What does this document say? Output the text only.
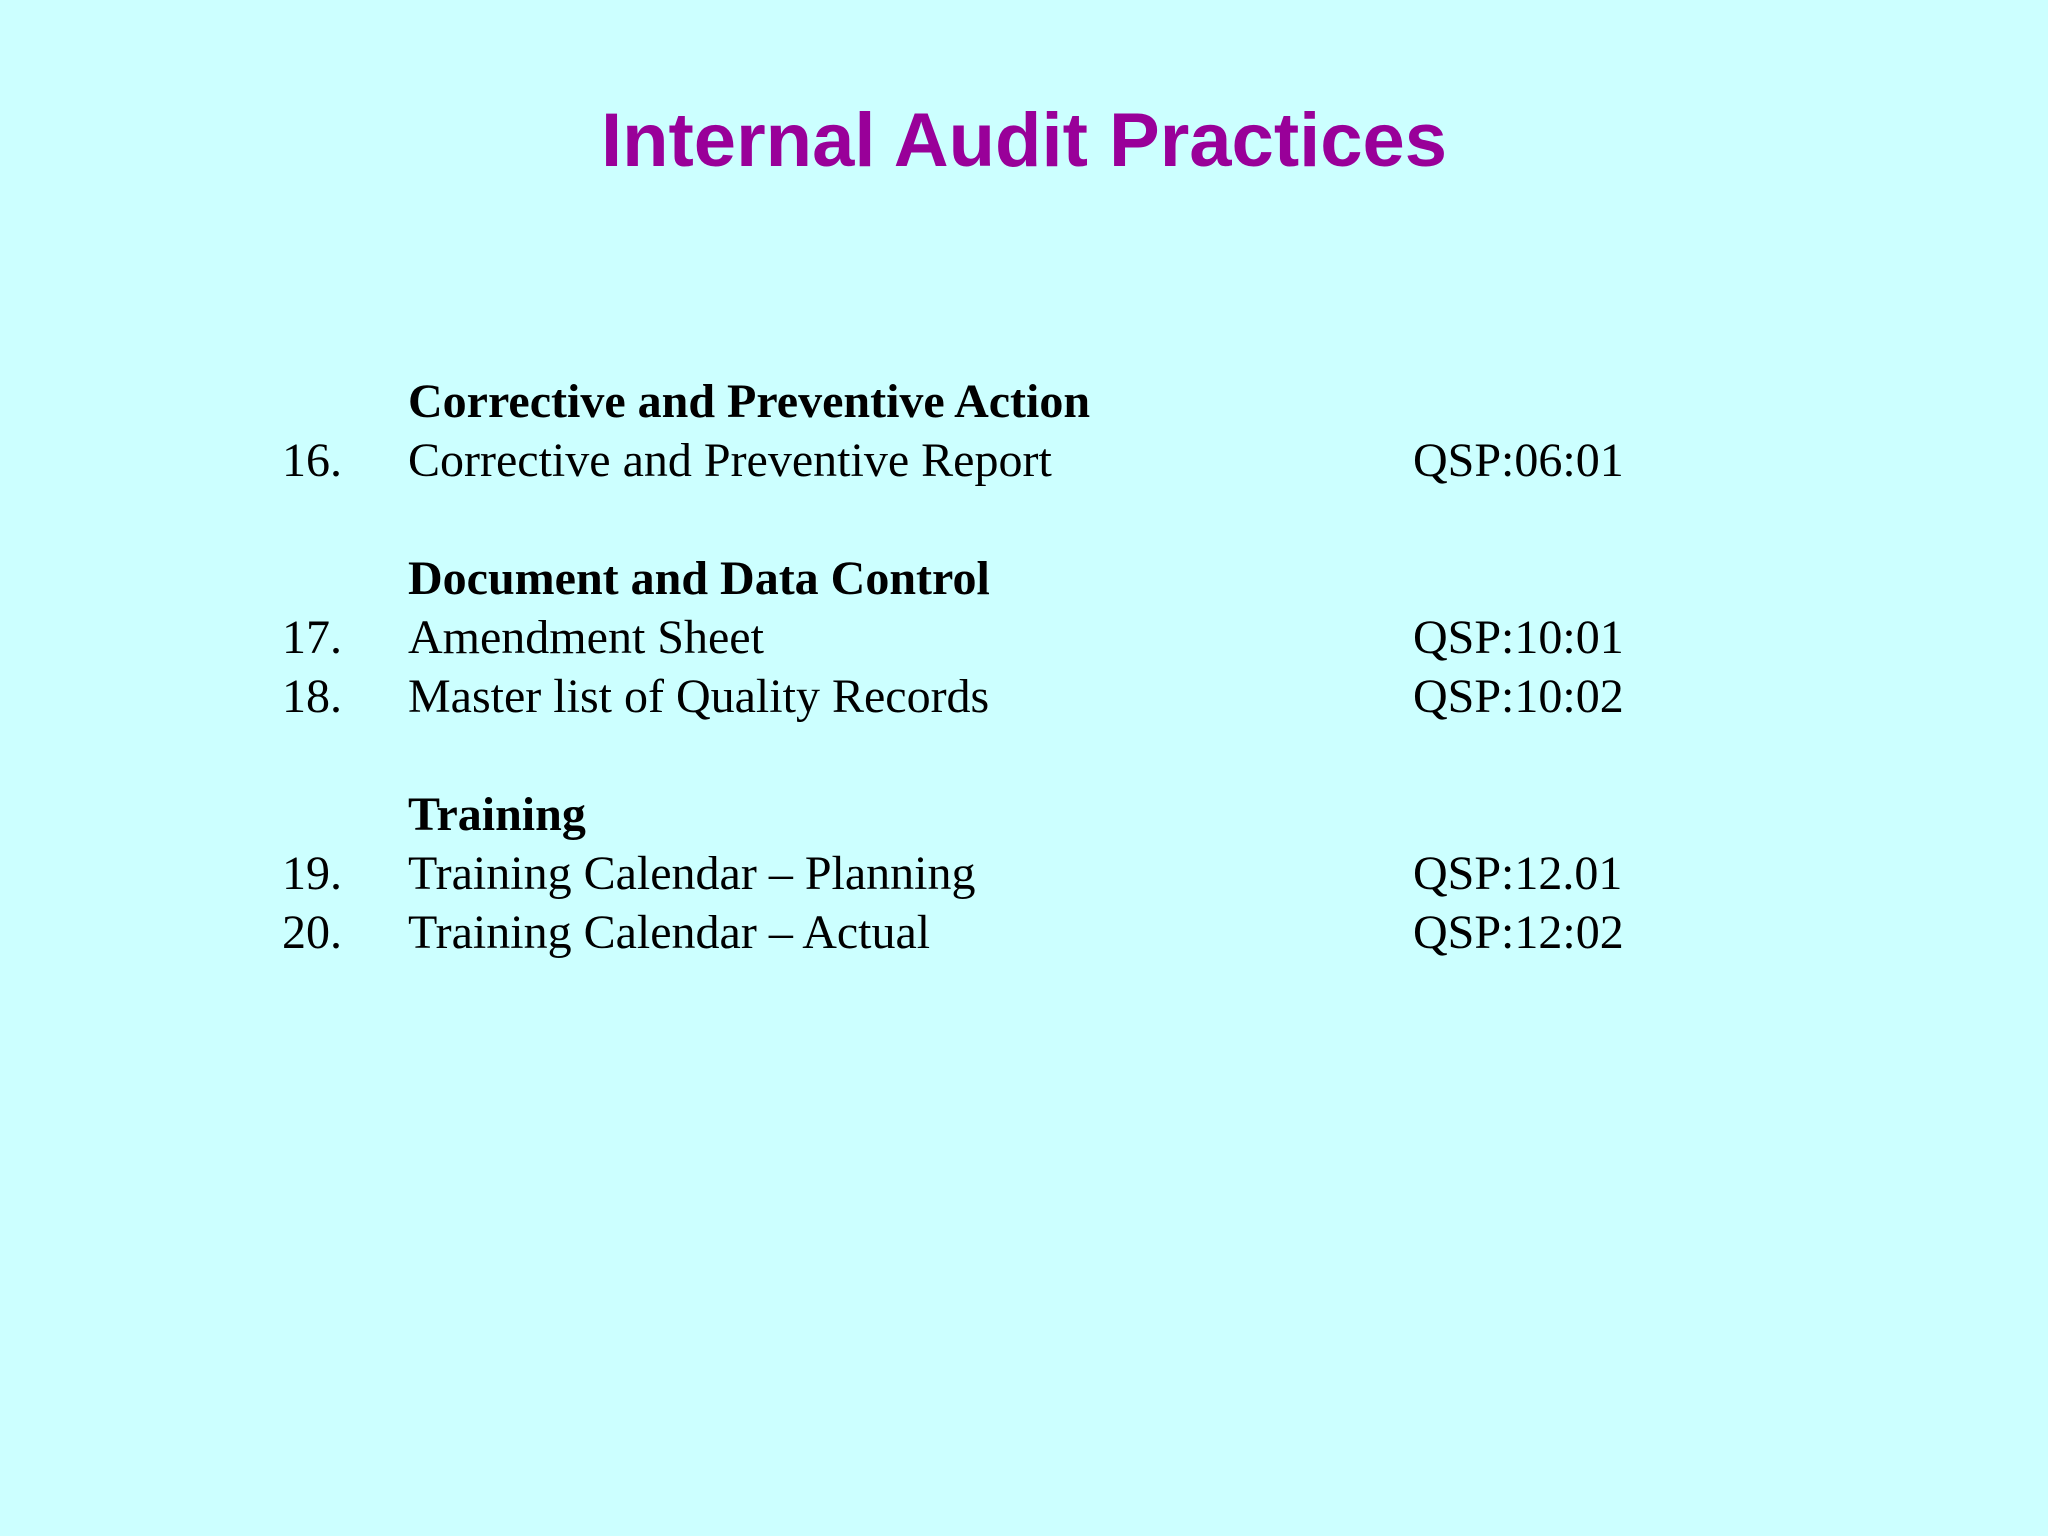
Internal Audit Practices
Corrective and Preventive Action
16. Corrective and Preventive Report	QSP:06:01
Document and Data Control
17. Amendment Sheet	QSP:10:01
18. Master list of Quality Records	QSP:10:02
Training
19. Training Calendar – Planning	QSP:12.01
20. Training Calendar – Actual	QSP:12:02
